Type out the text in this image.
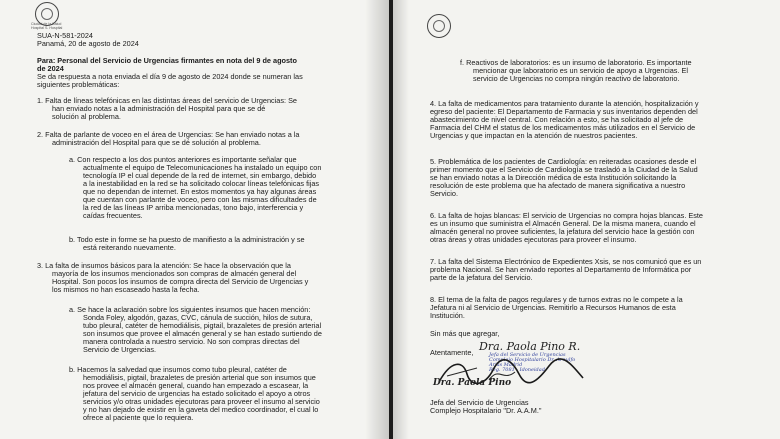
Ciudad de la Salud
Hospital S. Hospital
SUA-N-581-2024
Panamá, 20 de agosto de 2024
Para: Personal del Servicio de Urgencias firmantes en nota del 9 de agosto
de 2024
Se da respuesta a nota enviada el día 9 de agosto de 2024 donde se numeran las
siguientes problemáticas:
1. Falta de líneas telefónicas en las distintas áreas del servicio de Urgencias: Se
han enviado notas a la administración del Hospital para que se dé
solución al problema.
2. Falta de parlante de voceo en el área de Urgencias: Se han enviado notas a la
administración del Hospital para que se dé solución al problema.
a. Con respecto a los dos puntos anteriores es importante señalar que
actualmente el equipo de Telecomunicaciones ha instalado un equipo con
tecnología IP el cual depende de la red de internet, sin embargo, debido
a la inestabilidad en la red se ha solicitado colocar líneas telefónicas fijas
que no dependan de internet. En estos momentos ya hay algunas áreas
que cuentan con parlante de voceo, pero con las mismas dificultades de
la red de las líneas IP arriba mencionadas, tono bajo, interferencia y
caídas frecuentes.
b. Todo este in forme se ha puesto de manifiesto a la administración y se
está reiterando nuevamente.
3. La falta de insumos básicos para la atención: Se hace la observación que la
mayoría de los insumos mencionados son compras de almacén general del
Hospital. Son pocos los insumos de compra directa del Servicio de Urgencias y
los mismos no han escaseado hasta la fecha.
a. Se hace la aclaración sobre los siguientes insumos que hacen mención:
Sonda Foley, algodón, gazas, CVC, cánula de succión, hilos de sutura,
tubo pleural, catéter de hemodiálisis, pigtail, brazaletes de presión arterial
son insumos que provee el almacén general y se han estado surtiendo de
manera controlada a nuestro servicio. No son compras directas del
Servicio de Urgencias.
b. Hacemos la salvedad que insumos como tubo pleural, catéter de
hemodiálisis, pigtail, brazaletes de presión arterial que son insumos que
nos provee el almacén general, cuando han empezado a escasear, la
jefatura del servicio de urgencias ha estado solicitado el apoyo a otros
servicios y/o otras unidades ejecutoras para proveer el insumo al servicio
y no han dejado de existir en la gaveta del medico coordinador, el cual lo
ofrece al paciente que lo requiera.
f. Reactivos de laboratorios: es un insumo de laboratorio. Es importante
mencionar que laboratorio es un servicio de apoyo a Urgencias. El
servicio de Urgencias no compra ningún reactivo de laboratorio.
4. La falta de medicamentos para tratamiento durante la atención, hospitalización y
egreso del paciente: El Departamento de Farmacia y sus inventarios dependen del
abastecimiento de nivel central. Con relación a esto, se ha solicitado al jefe de
Farmacia del CHM el status de los medicamentos más utilizados en el Servicio de
Urgencias y que impactan en la atención de nuestros pacientes.
5. Problemática de los pacientes de Cardiología: en reiteradas ocasiones desde el
primer momento que el Servicio de Cardiología se trasladó a la Ciudad de la Salud
se han enviado notas a la Dirección médica de esta Institución solicitando la
resolución de este problema que ha afectado de manera significativa a nuestro
Servicio.
6. La falta de hojas blancas: El servicio de Urgencias no compra hojas blancas. Este
es un insumo que suministra el Almacén General. De la misma manera, cuando el
almacén general no provee suficientes, la jefatura del servicio hace la gestión con
otras áreas y otras unidades ejecutoras para proveer el insumo.
7. La falta del Sistema Electrónico de Expedientes Xsis, se nos comunicó que es un
problema Nacional. Se han enviado reportes al Departamento de Informática por
parte de la jefatura del Servicio.
8. El tema de la falta de pagos regulares y de turnos extras no le compete a la
Jefatura ni al Servicio de Urgencias. Remitirlo a Recursos Humanos de esta
Institución.
Sin más que agregar,
Atentamente, Dra. Paola Pino R.
Jefa del Servicio de Urgencias
Complejo Hospitalario Dr. Arnulfo
Arias Madrid
Reg. 7081 · Idoneidad
Dra. Paola Pino
Jefa del Servicio de Urgencias
Complejo Hospitalario "Dr. A.A.M."
